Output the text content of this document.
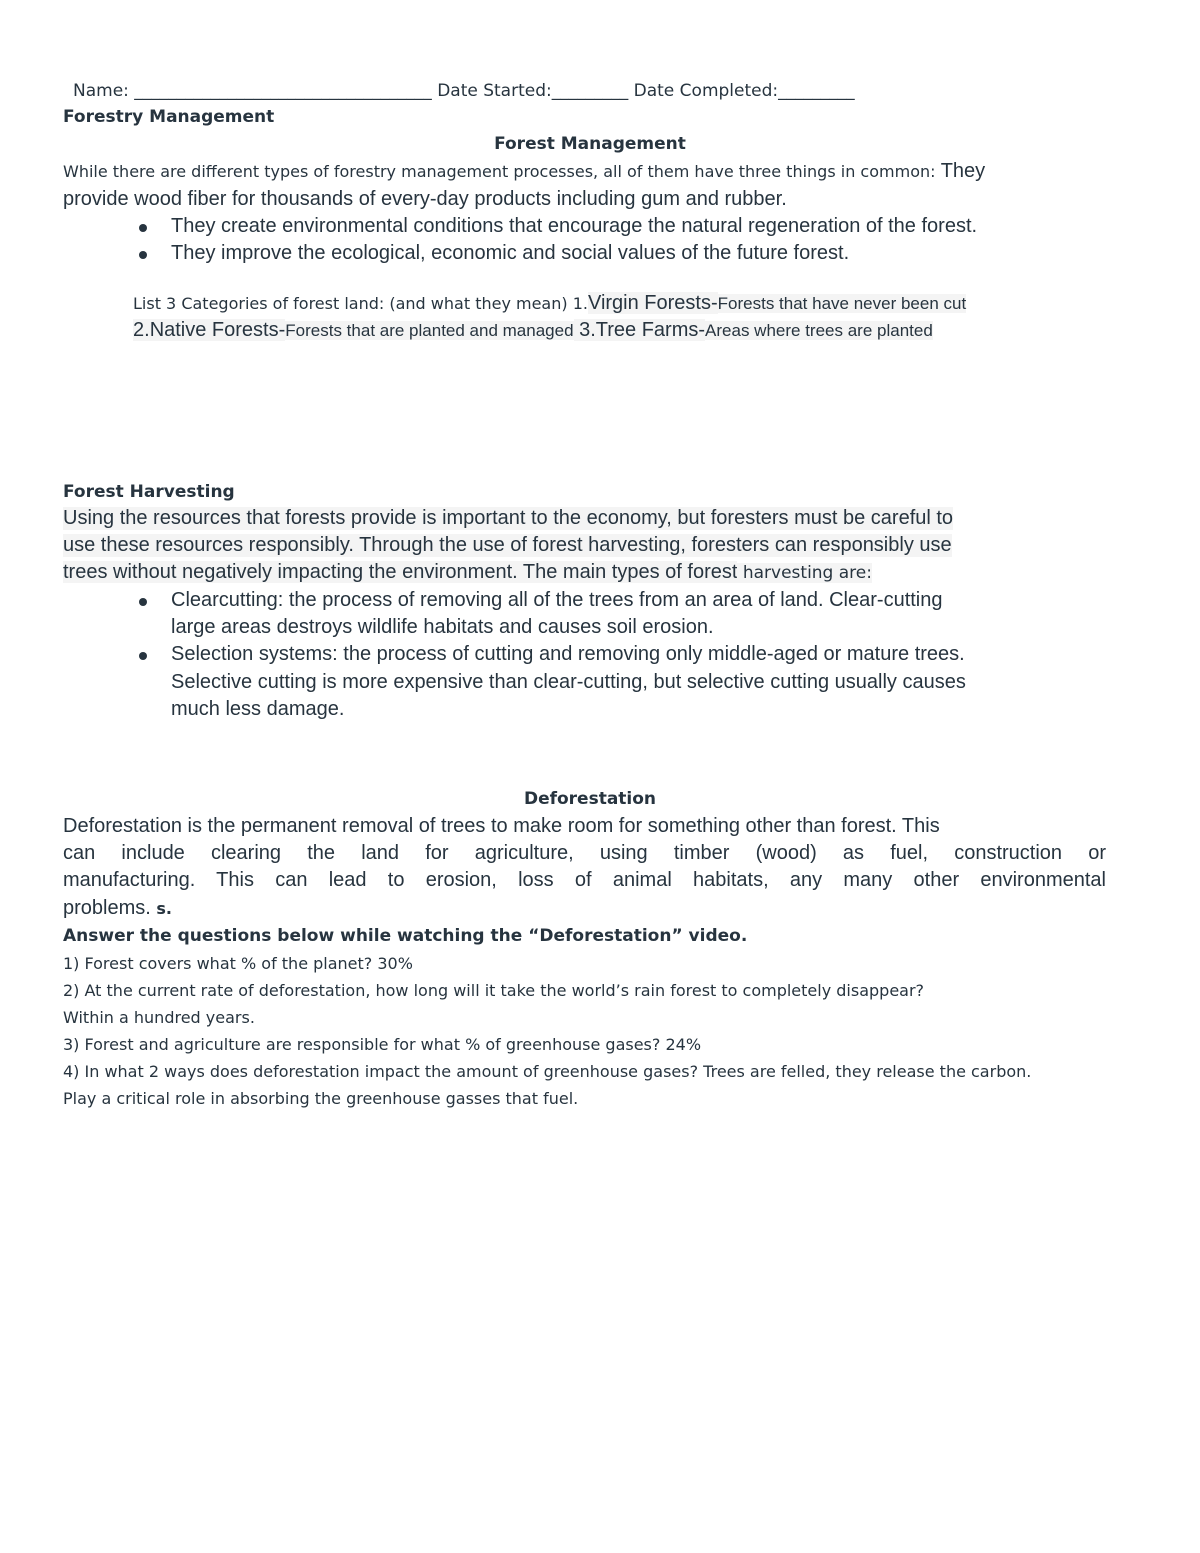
Name: ___________________________________ Date Started:_________ Date Completed:_________
Forestry Management
Forest Management
While there are different types of forestry management processes, all of them have three things in common: They
provide wood fiber for thousands of every-day products including gum and rubber.
They create environmental conditions that encourage the natural regeneration of the forest.
They improve the ecological, economic and social values of the future forest.
List 3 Categories of forest land: (and what they mean) 1.Virgin Forests-Forests that have never been cut
2.Native Forests-Forests that are planted and managed 3.Tree Farms-Areas where trees are planted
Forest Harvesting
Using the resources that forests provide is important to the economy, but foresters must be careful to
use these resources responsibly. Through the use of forest harvesting, foresters can responsibly use
trees without negatively impacting the environment. The main types of forest harvesting are:
Clearcutting: the process of removing all of the trees from an area of land. Clear-cutting
large areas destroys wildlife habitats and causes soil erosion.
Selection systems: the process of cutting and removing only middle-aged or mature trees.
Selective cutting is more expensive than clear-cutting, but selective cutting usually causes
much less damage.
Deforestation
Deforestation is the permanent removal of trees to make room for something other than forest. This
can include clearing the land for agriculture, using timber (wood) as fuel, construction or
manufacturing. This can lead to erosion, loss of animal habitats, any many other environmental
problems. s.
Answer the questions below while watching the “Deforestation” video.
1) Forest covers what % of the planet? 30%
2) At the current rate of deforestation, how long will it take the world’s rain forest to completely disappear?
Within a hundred years.
3) Forest and agriculture are responsible for what % of greenhouse gases? 24%
4) In what 2 ways does deforestation impact the amount of greenhouse gases? Trees are felled, they release the carbon.
Play a critical role in absorbing the greenhouse gasses that fuel.
